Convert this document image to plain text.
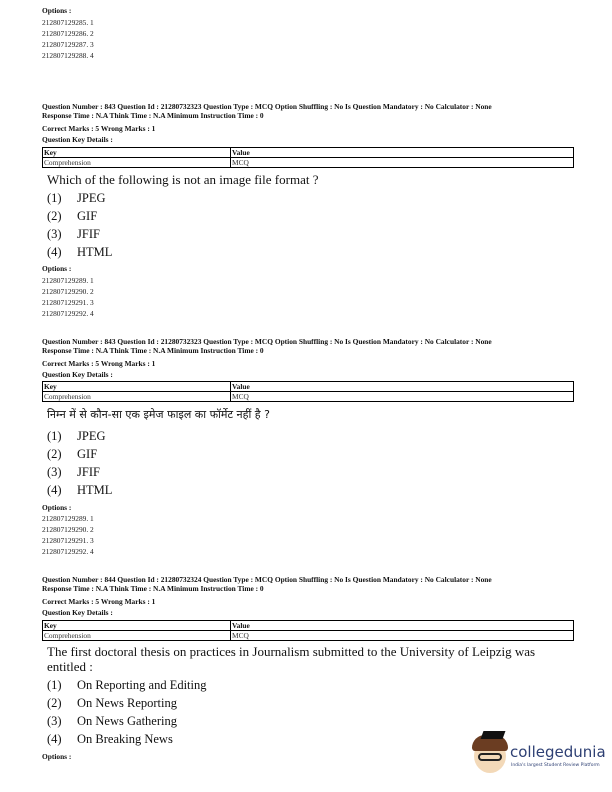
Options :
212807129285. 1
212807129286. 2
212807129287. 3
212807129288. 4
Question Number : 843 Question Id : 21280732323 Question Type : MCQ Option Shuffling : No Is Question Mandatory : No Calculator : None
Response Time : N.A Think Time : N.A Minimum Instruction Time : 0
Correct Marks : 5 Wrong Marks : 1
Question Key Details :
Key	Value
Comprehension	MCQ
Which of the following is not an image file format ?
(1)	JPEG
(2)	GIF
(3)	JFIF
(4)	HTML
Options :
212807129289. 1
212807129290. 2
212807129291. 3
212807129292. 4
Question Number : 843 Question Id : 21280732323 Question Type : MCQ Option Shuffling : No Is Question Mandatory : No Calculator : None
Response Time : N.A Think Time : N.A Minimum Instruction Time : 0
Correct Marks : 5 Wrong Marks : 1
Question Key Details :
Key	Value
Comprehension	MCQ
निम्न में से कौन-सा एक इमेज फाइल का फॉर्मेट नहीं है ?
(1)	JPEG
(2)	GIF
(3)	JFIF
(4)	HTML
Options :
212807129289. 1
212807129290. 2
212807129291. 3
212807129292. 4
Question Number : 844 Question Id : 21280732324 Question Type : MCQ Option Shuffling : No Is Question Mandatory : No Calculator : None
Response Time : N.A Think Time : N.A Minimum Instruction Time : 0
Correct Marks : 5 Wrong Marks : 1
Question Key Details :
Key	Value
Comprehension	MCQ
The first doctoral thesis on practices in Journalism submitted to the University of Leipzig was
entitled :
(1)	On Reporting and Editing
(2)	On News Reporting
(3)	On News Gathering
(4)	On Breaking News
Options :	collegedunia
India's largest Student Review Platform
